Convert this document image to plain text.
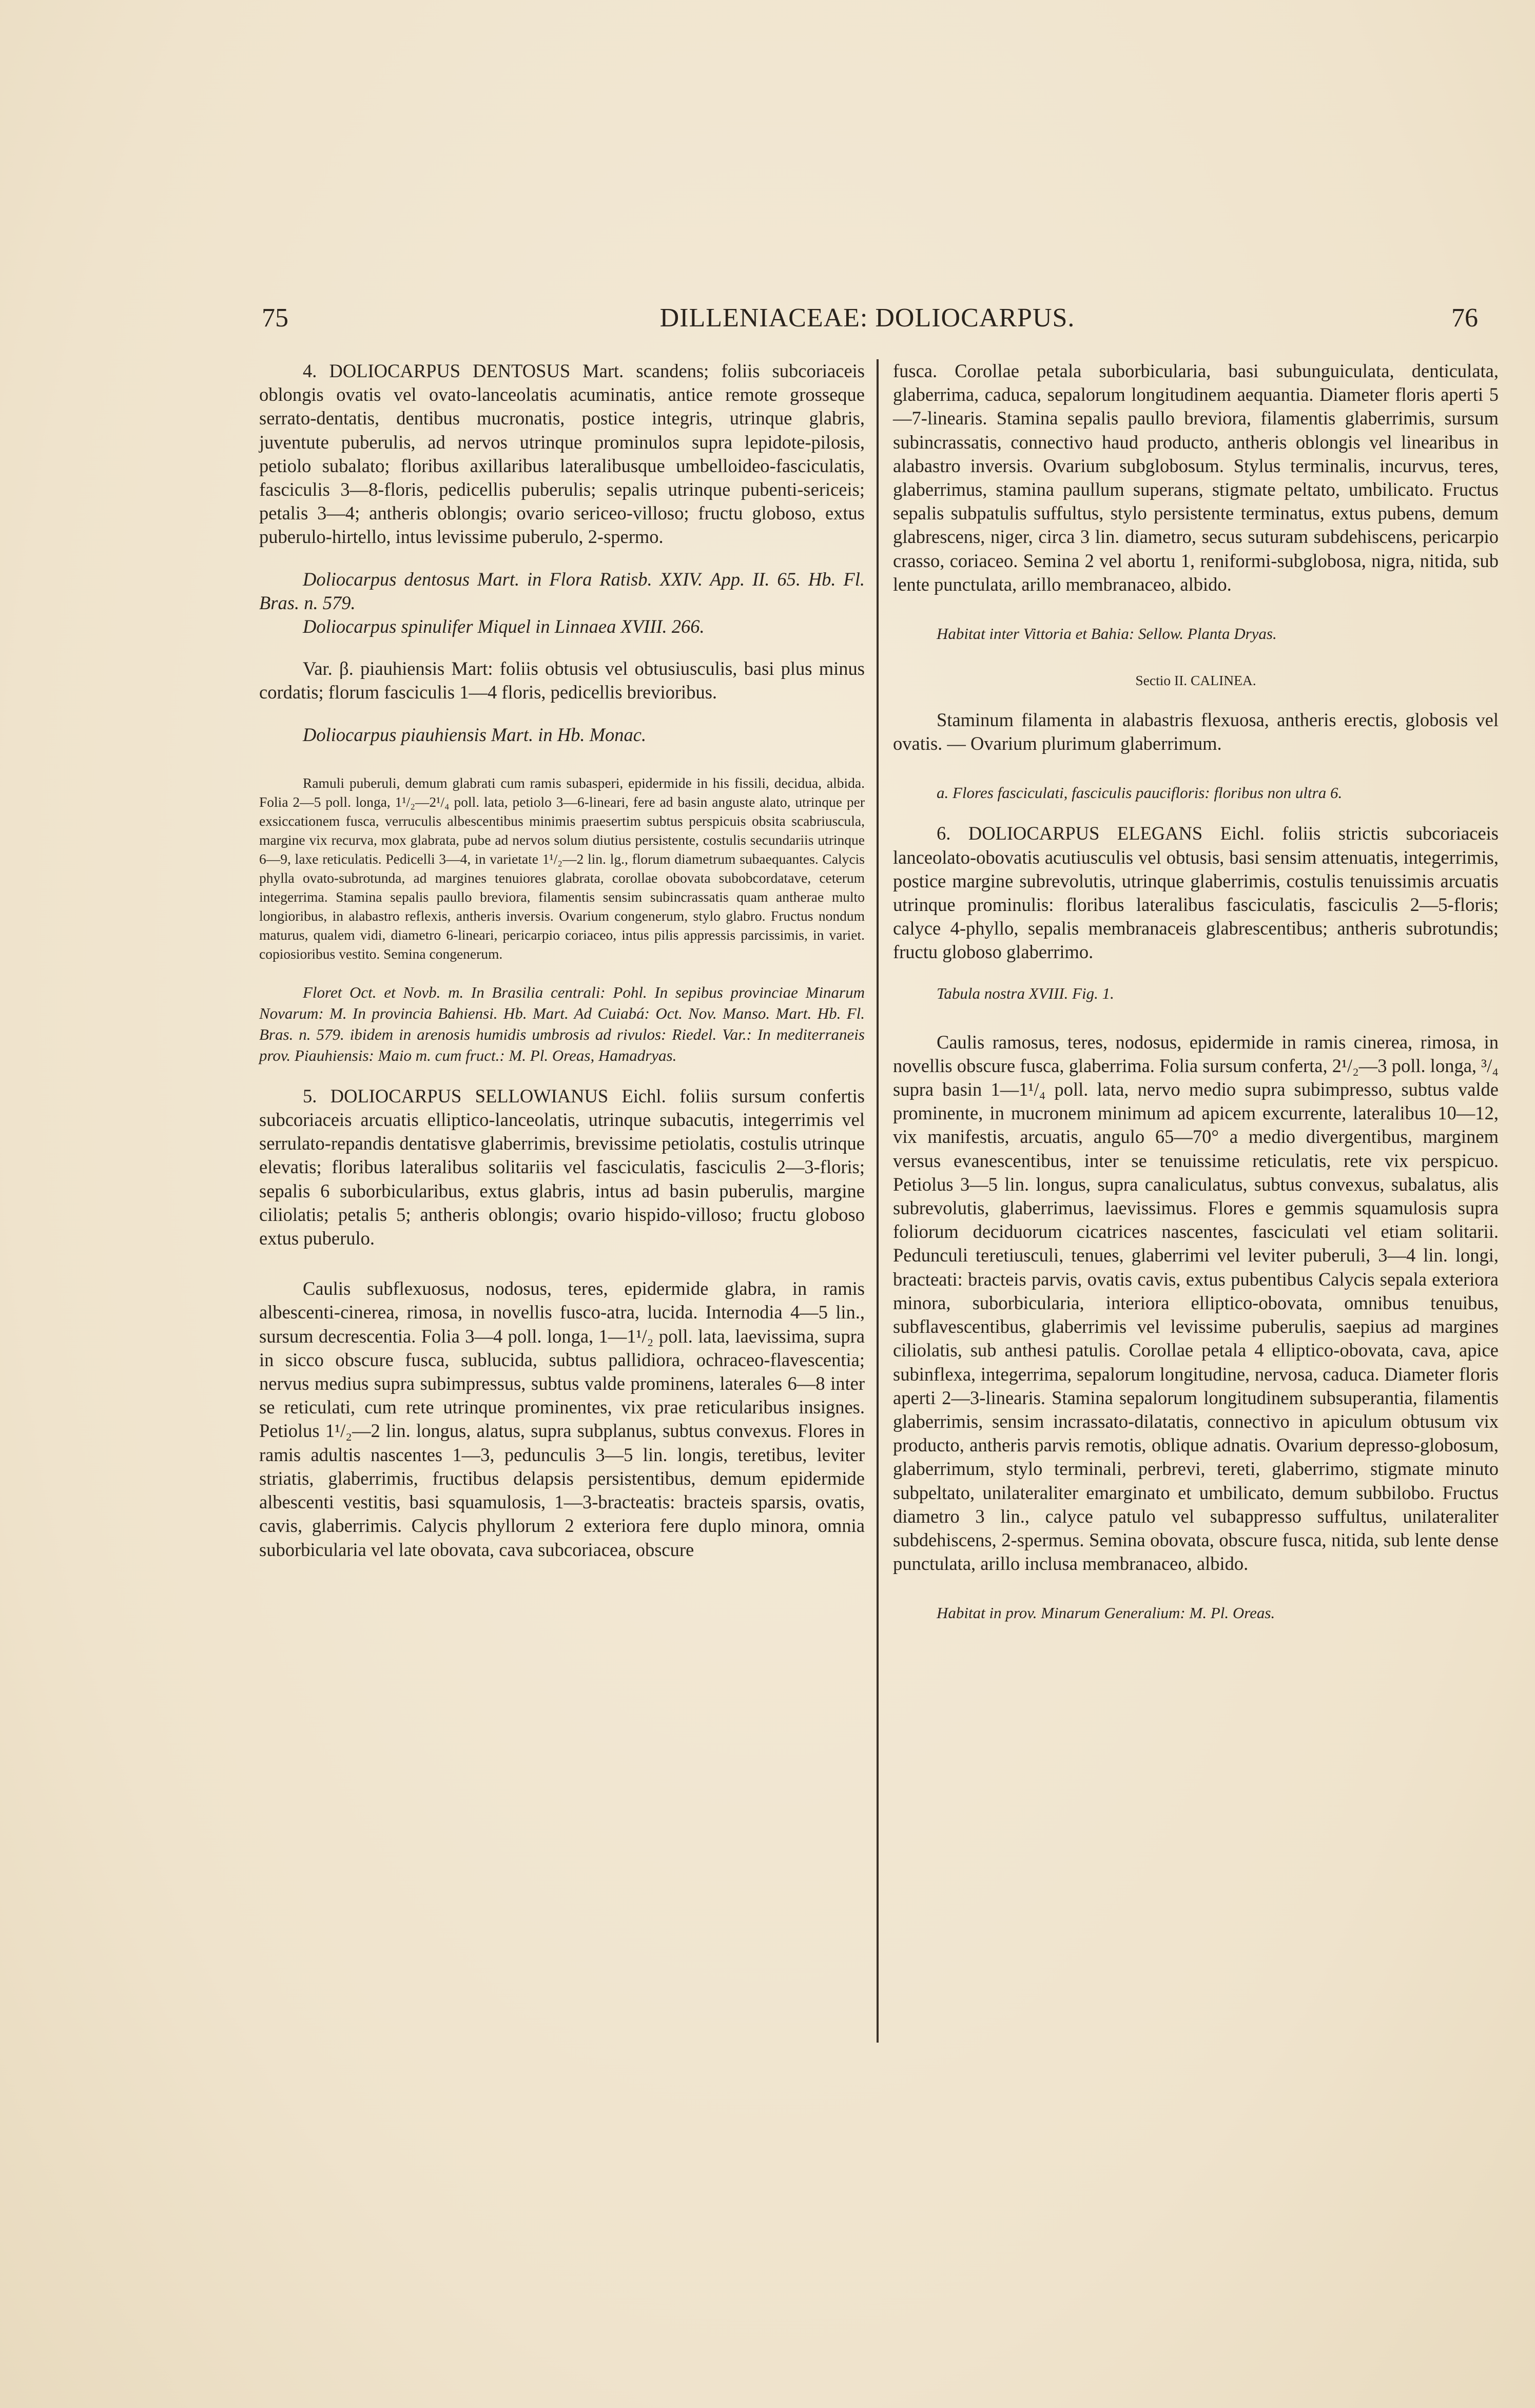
75	DILLENIACEAE: DOLIOCARPUS.	76

4. DOLIOCARPUS DENTOSUS Mart. scandens; foliis subcoriaceis oblongis ovatis vel ovato-lanceolatis acuminatis, antice remote grosseque serrato-dentatis, dentibus mucronatis, postice integris, utrinque glabris, juventute puberulis, ad nervos utrinque prominulos supra lepidote-pilosis, petiolo subalato; floribus axillaribus lateralibusque umbelloideo-fasciculatis, fasciculis 3—8-floris, pedicellis puberulis; sepalis utrinque pubenti-sericeis; petalis 3—4; antheris oblongis; ovario sericeo-villoso; fructu globoso, extus puberulo-hirtello, intus levissime puberulo, 2-spermo.

Doliocarpus dentosus Mart. in Flora Ratisb. XXIV. App. II. 65. Hb. Fl. Bras. n. 579.

Doliocarpus spinulifer Miquel in Linnaea XVIII. 266.

Var. β. piauhiensis Mart: foliis obtusis vel obtusiusculis, basi plus minus cordatis; florum fasciculis 1—4 floris, pedicellis brevioribus.

Doliocarpus piauhiensis Mart. in Hb. Monac.

Ramuli puberuli, demum glabrati cum ramis subasperi, epidermide in his fissili, decidua, albida. Folia 2—5 poll. longa, 1¹/₂—2¹/₄ poll. lata, petiolo 3—6-lineari, fere ad basin anguste alato, utrinque per exsiccationem fusca, verruculis albescentibus minimis praesertim subtus perspicuis obsita scabriuscula, margine vix recurva, mox glabrata, pube ad nervos solum diutius persistente, costulis secundariis utrinque 6—9, laxe reticulatis. Pedicelli 3—4, in varietate 1¹/₂—2 lin. lg., florum diametrum subaequantes. Calycis phylla ovato-subrotunda, ad margines tenuiores glabrata, corollae obovata subobcordatave, ceterum integerrima. Stamina sepalis paullo breviora, filamentis sensim subincrassatis quam antherae multo longioribus, in alabastro reflexis, antheris inversis. Ovarium congenerum, stylo glabro. Fructus nondum maturus, qualem vidi, diametro 6-lineari, pericarpio coriaceo, intus pilis appressis parcissimis, in variet. copiosioribus vestito. Semina congenerum.

Floret Oct. et Novb. m. In Brasilia centrali: Pohl. In sepibus provinciae Minarum Novarum: M. In provincia Bahiensi. Hb. Mart. Ad Cuiabá: Oct. Nov. Manso. Mart. Hb. Fl. Bras. n. 579. ibidem in arenosis humidis umbrosis ad rivulos: Riedel. Var.: In mediterraneis prov. Piauhiensis: Maio m. cum fruct.: M. Pl. Oreas, Hamadryas.

5. DOLIOCARPUS SELLOWIANUS Eichl. foliis sursum confertis subcoriaceis arcuatis elliptico-lanceolatis, utrinque subacutis, integerrimis vel serrulato-repandis dentatisve glaberrimis, brevissime petiolatis, costulis utrinque elevatis; floribus lateralibus solitariis vel fasciculatis, fasciculis 2—3-floris; sepalis 6 suborbicularibus, extus glabris, intus ad basin puberulis, margine ciliolatis; petalis 5; antheris oblongis; ovario hispido-villoso; fructu globoso extus puberulo.

Caulis subflexuosus, nodosus, teres, epidermide glabra, in ramis albescenti-cinerea, rimosa, in novellis fusco-atra, lucida. Internodia 4—5 lin., sursum decrescentia. Folia 3—4 poll. longa, 1—1¹/₂ poll. lata, laevissima, supra in sicco obscure fusca, sublucida, subtus pallidiora, ochraceo-flavescentia; nervus medius supra subimpressus, subtus valde prominens, laterales 6—8 inter se reticulati, cum rete utrinque prominentes, vix prae reticularibus insignes. Petiolus 1¹/₂—2 lin. longus, alatus, supra subplanus, subtus convexus. Flores in ramis adultis nascentes 1—3, pedunculis 3—5 lin. longis, teretibus, leviter striatis, glaberrimis, fructibus delapsis persistentibus, demum epidermide albescenti vestitis, basi squamulosis, 1—3-bracteatis: bracteis sparsis, ovatis, cavis, glaberrimis. Calycis phyllorum 2 exteriora fere duplo minora, omnia suborbicularia vel late obovata, cava subcoriacea, obscure

fusca. Corollae petala suborbicularia, basi subunguiculata, denticulata, glaberrima, caduca, sepalorum longitudinem aequantia. Diameter floris aperti 5—7-linearis. Stamina sepalis paullo breviora, filamentis glaberrimis, sursum subincrassatis, connectivo haud producto, antheris oblongis vel linearibus in alabastro inversis. Ovarium subglobosum. Stylus terminalis, incurvus, teres, glaberrimus, stamina paullum superans, stigmate peltato, umbilicato. Fructus sepalis subpatulis suffultus, stylo persistente terminatus, extus pubens, demum glabrescens, niger, circa 3 lin. diametro, secus suturam subdehiscens, pericarpio crasso, coriaceo. Semina 2 vel abortu 1, reniformi-subglobosa, nigra, nitida, sub lente punctulata, arillo membranaceo, albido.

Habitat inter Vittoria et Bahia: Sellow. Planta Dryas.

Sectio II. CALINEA.

Staminum filamenta in alabastris flexuosa, antheris erectis, globosis vel ovatis. — Ovarium plurimum glaberrimum.

a. Flores fasciculati, fasciculis paucifloris: floribus non ultra 6.

6. DOLIOCARPUS ELEGANS Eichl. foliis strictis subcoriaceis lanceolato-obovatis acutiusculis vel obtusis, basi sensim attenuatis, integerrimis, postice margine subrevolutis, utrinque glaberrimis, costulis tenuissimis arcuatis utrinque prominulis: floribus lateralibus fasciculatis, fasciculis 2—5-floris; calyce 4-phyllo, sepalis membranaceis glabrescentibus; antheris subrotundis; fructu globoso glaberrimo.

Tabula nostra XVIII. Fig. 1.

Caulis ramosus, teres, nodosus, epidermide in ramis cinerea, rimosa, in novellis obscure fusca, glaberrima. Folia sursum conferta, 2¹/₂—3 poll. longa, ³/₄ supra basin 1—1¹/₄ poll. lata, nervo medio supra subimpresso, subtus valde prominente, in mucronem minimum ad apicem excurrente, lateralibus 10—12, vix manifestis, arcuatis, angulo 65—70° a medio divergentibus, marginem versus evanescentibus, inter se tenuissime reticulatis, rete vix perspicuo. Petiolus 3—5 lin. longus, supra canaliculatus, subtus convexus, subalatus, alis subrevolutis, glaberrimus, laevissimus. Flores e gemmis squamulosis supra foliorum deciduorum cicatrices nascentes, fasciculati vel etiam solitarii. Pedunculi teretiusculi, tenues, glaberrimi vel leviter puberuli, 3—4 lin. longi, bracteati: bracteis parvis, ovatis cavis, extus pubentibus Calycis sepala exteriora minora, suborbicularia, interiora elliptico-obovata, omnibus tenuibus, subflavescentibus, glaberrimis vel levissime puberulis, saepius ad margines ciliolatis, sub anthesi patulis. Corollae petala 4 elliptico-obovata, cava, apice subinflexa, integerrima, sepalorum longitudine, nervosa, caduca. Diameter floris aperti 2—3-linearis. Stamina sepalorum longitudinem subsuperantia, filamentis glaberrimis, sensim incrassato-dilatatis, connectivo in apiculum obtusum vix producto, antheris parvis remotis, oblique adnatis. Ovarium depresso-globosum, glaberrimum, stylo terminali, perbrevi, tereti, glaberrimo, stigmate minuto subpeltato, unilateraliter emarginato et umbilicato, demum subbilobo. Fructus diametro 3 lin., calyce patulo vel subappresso suffultus, unilateraliter subdehiscens, 2-spermus. Semina obovata, obscure fusca, nitida, sub lente dense punctulata, arillo inclusa membranaceo, albido.

Habitat in prov. Minarum Generalium: M. Pl. Oreas.
